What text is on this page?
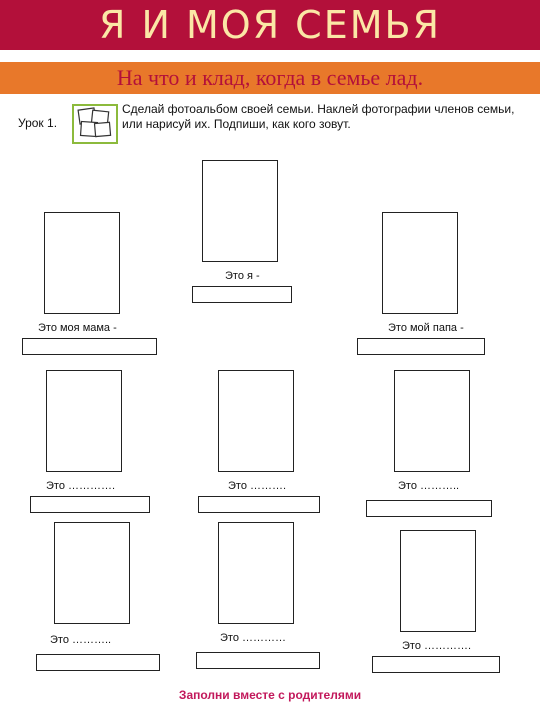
Я И МОЯ СЕМЬЯ
На что и клад, когда в семье лад.
Урок 1.
Сделай фотоальбом своей семьи. Наклей фотографии членов семьи, или нарисуй их. Подпиши, как кого зовут.
Это я -
Это моя мама -	Это мой папа -
Это ………….	Это ……….	Это ………..
Это ………..	Это …………
Это ………….
Заполни вместе с родителями
